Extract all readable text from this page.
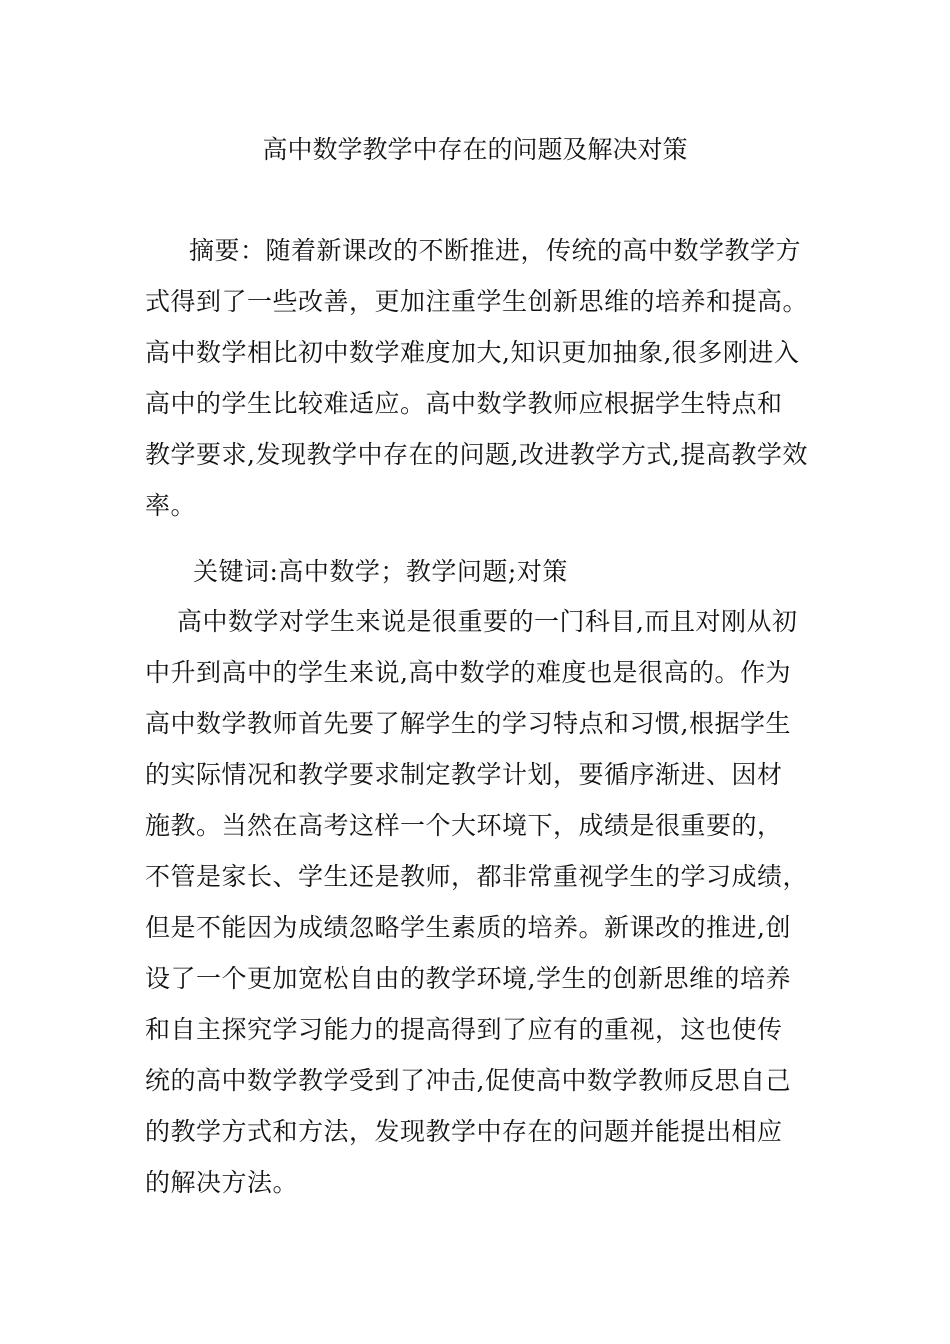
高中数学教学中存在的问题及解决对策
摘要：随着新课改的不断推进，传统的高中数学教学方
式得到了一些改善，更加注重学生创新思维的培养和提高。
高中数学相比初中数学难度加大,知识更加抽象,很多刚进入
高中的学生比较难适应。高中数学教师应根据学生特点和
教学要求,发现教学中存在的问题,改进教学方式,提高教学效
率。
关键词:高中数学；教学问题;对策
高中数学对学生来说是很重要的一门科目,而且对刚从初
中升到高中的学生来说,高中数学的难度也是很高的。作为
高中数学教师首先要了解学生的学习特点和习惯,根据学生
的实际情况和教学要求制定教学计划，要循序渐进、因材
施教。当然在高考这样一个大环境下，成绩是很重要的，
不管是家长、学生还是教师，都非常重视学生的学习成绩，
但是不能因为成绩忽略学生素质的培养。新课改的推进,创
设了一个更加宽松自由的教学环境,学生的创新思维的培养
和自主探究学习能力的提高得到了应有的重视，这也使传
统的高中数学教学受到了冲击,促使高中数学教师反思自己
的教学方式和方法，发现教学中存在的问题并能提出相应
的解决方法。
